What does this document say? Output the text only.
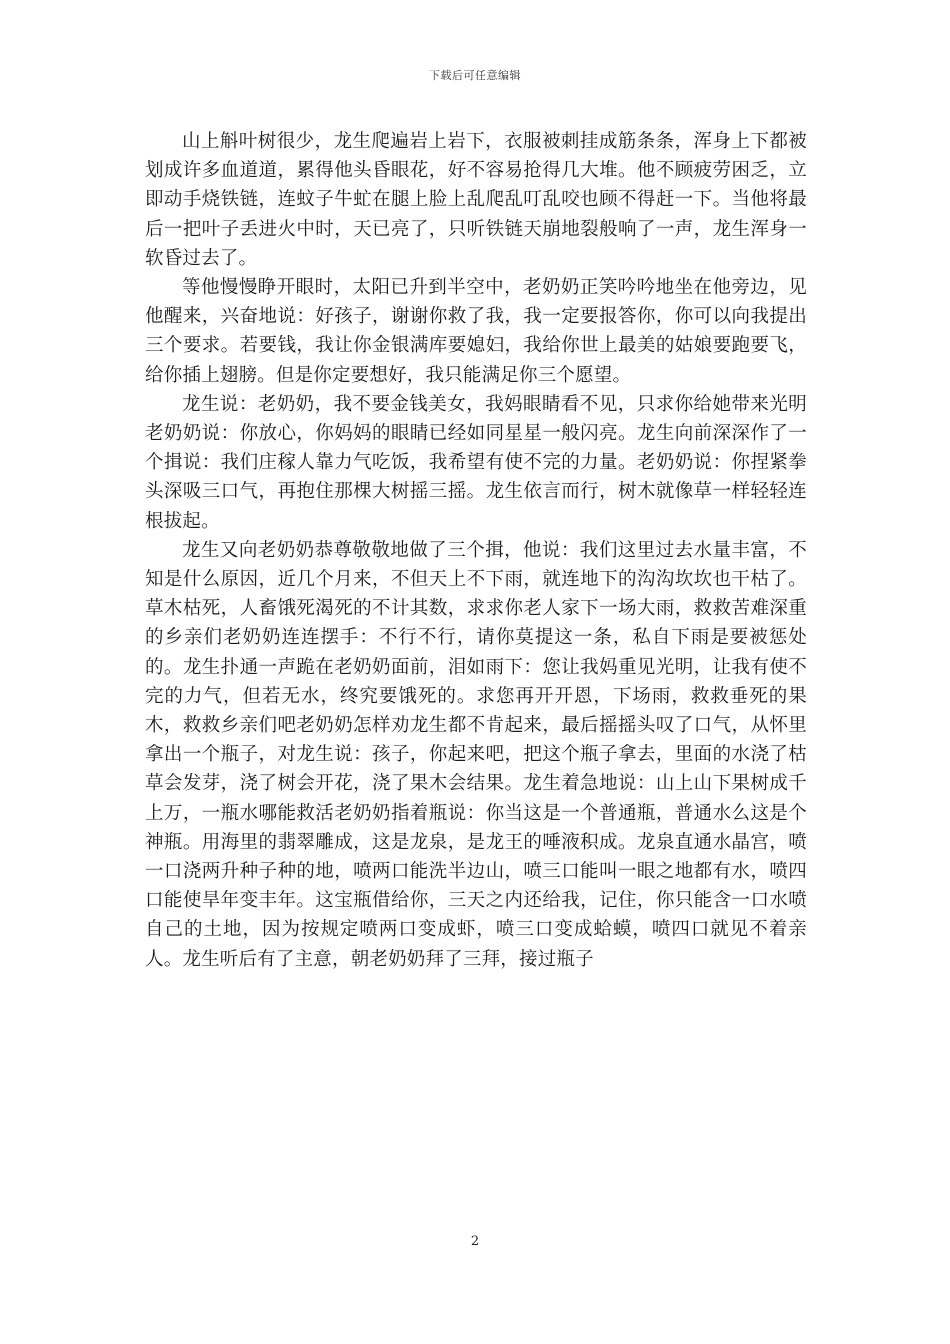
下载后可任意编辑

山上斛叶树很少，龙生爬遍岩上岩下，衣服被刺挂成筋条条，浑身上下都被划成许多血道道，累得他头昏眼花，好不容易抢得几大堆。他不顾疲劳困乏，立即动手烧铁链，连蚊子牛虻在腿上脸上乱爬乱叮乱咬也顾不得赶一下。当他将最后一把叶子丢进火中时，天已亮了，只听铁链天崩地裂般响了一声，龙生浑身一软昏过去了。

等他慢慢睁开眼时，太阳已升到半空中，老奶奶正笑吟吟地坐在他旁边，见他醒来，兴奋地说：好孩子，谢谢你救了我，我一定要报答你，你可以向我提出三个要求。若要钱，我让你金银满库要媳妇，我给你世上最美的姑娘要跑要飞，给你插上翅膀。但是你定要想好，我只能满足你三个愿望。

龙生说：老奶奶，我不要金钱美女，我妈眼睛看不见，只求你给她带来光明老奶奶说：你放心，你妈妈的眼睛已经如同星星一般闪亮。龙生向前深深作了一个揖说：我们庄稼人靠力气吃饭，我希望有使不完的力量。老奶奶说：你捏紧拳头深吸三口气，再抱住那棵大树摇三摇。龙生依言而行，树木就像草一样轻轻连根拔起。

龙生又向老奶奶恭尊敬敬地做了三个揖，他说：我们这里过去水量丰富，不知是什么原因，近几个月来，不但天上不下雨，就连地下的沟沟坎坎也干枯了。草木枯死，人畜饿死渴死的不计其数，求求你老人家下一场大雨，救救苦难深重的乡亲们老奶奶连连摆手：不行不行，请你莫提这一条，私自下雨是要被惩处的。龙生扑通一声跪在老奶奶面前，泪如雨下：您让我妈重见光明，让我有使不完的力气，但若无水，终究要饿死的。求您再开开恩，下场雨，救救垂死的果木，救救乡亲们吧老奶奶怎样劝龙生都不肯起来，最后摇摇头叹了口气，从怀里拿出一个瓶子，对龙生说：孩子，你起来吧，把这个瓶子拿去，里面的水浇了枯草会发芽，浇了树会开花，浇了果木会结果。龙生着急地说：山上山下果树成千上万，一瓶水哪能救活老奶奶指着瓶说：你当这是一个普通瓶，普通水么这是个神瓶。用海里的翡翠雕成，这是龙泉，是龙王的唾液积成。龙泉直通水晶宫，喷一口浇两升种子种的地，喷两口能洗半边山，喷三口能叫一眼之地都有水，喷四口能使旱年变丰年。这宝瓶借给你，三天之内还给我，记住，你只能含一口水喷自己的土地，因为按规定喷两口变成虾，喷三口变成蛤蟆，喷四口就见不着亲人。龙生听后有了主意，朝老奶奶拜了三拜，接过瓶子

2
